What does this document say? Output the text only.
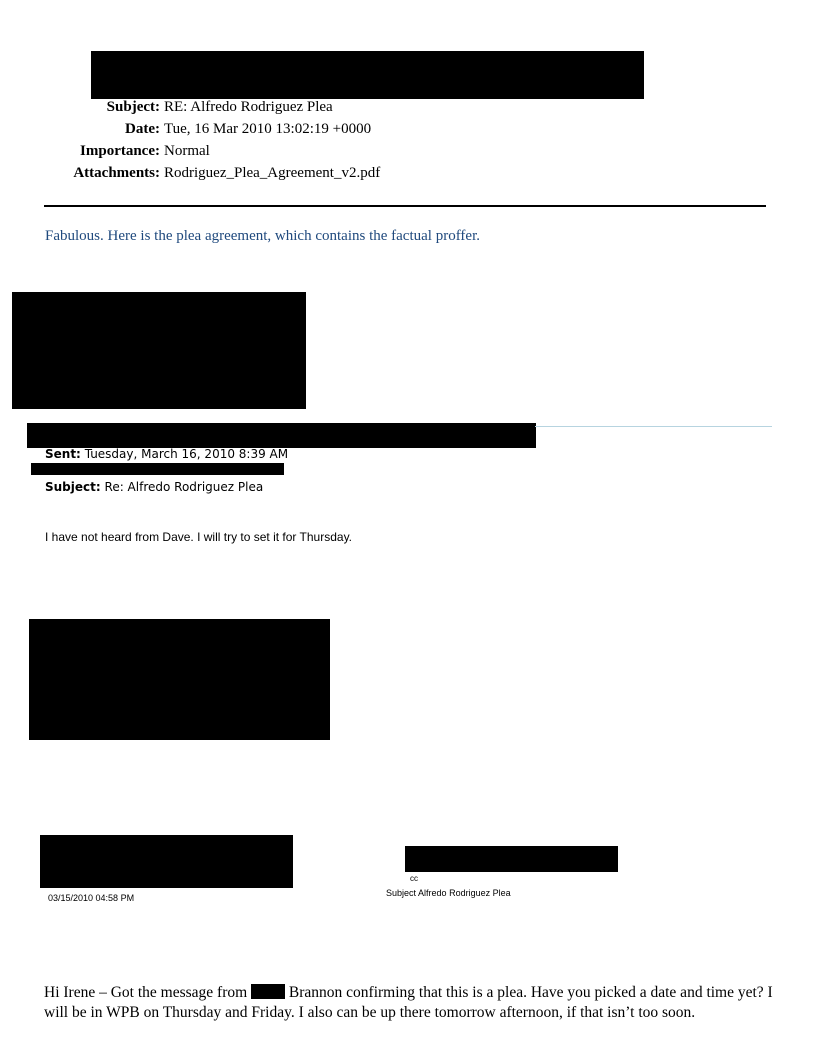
Subject: RE: Alfredo Rodriguez Plea
Date: Tue, 16 Mar 2010 13:02:19 +0000
Importance: Normal
Attachments: Rodriguez_Plea_Agreement_v2.pdf
Fabulous. Here is the plea agreement, which contains the factual proffer.
Sent: Tuesday, March 16, 2010 8:39 AM
Subject: Re: Alfredo Rodriguez Plea
I have not heard from Dave. I will try to set it for Thursday.
03/15/2010 04:58 PM
cc
Subject Alfredo Rodriguez Plea
Hi Irene – Got the message from  Brannon confirming that this is a plea. Have you picked a date and time yet? I will be in WPB on Thursday and Friday. I also can be up there tomorrow afternoon, if that isn’t too soon.
